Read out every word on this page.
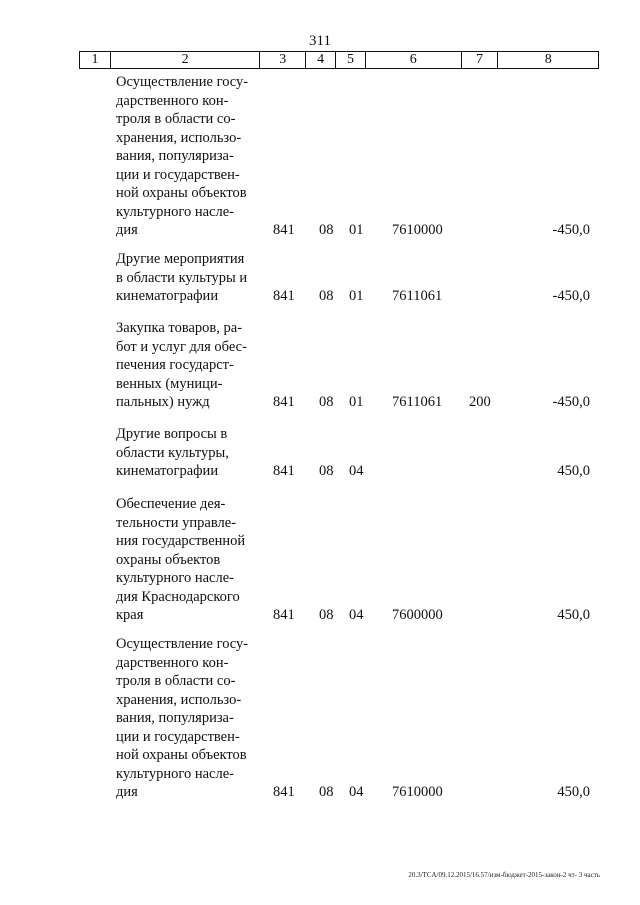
311
1	2	3	4	5	6	7	8
Осуществление госу-
дарственного кон-
троля в области со-
хранения, использо-
вания, популяриза-
ции и государствен-
ной охраны объектов
культурного насле-
дия	841 08 01 7610000	-450,0
Другие мероприятия
в области культуры и
кинематографии	841 08 01 7611061	-450,0
Закупка товаров, ра-
бот и услуг для обес-
печения государст-
венных (муници-
пальных) нужд	841 08 01 7611061 200	-450,0
Другие вопросы в
области культуры,
кинематографии	841 08 04	450,0
Обеспечение дея-
тельности управле-
ния государственной
охраны объектов
культурного насле-
дия Краснодарского
края	841 08 04 7600000	450,0
Осуществление госу-
дарственного кон-
троля в области со-
хранения, использо-
вания, популяриза-
ции и государствен-
ной охраны объектов
культурного насле-
дия	841 08 04 7610000	450,0
20.3/TCA/09.12.2015/16.57/изм-бюджет-2015-закон-2 чт- 3 часть
